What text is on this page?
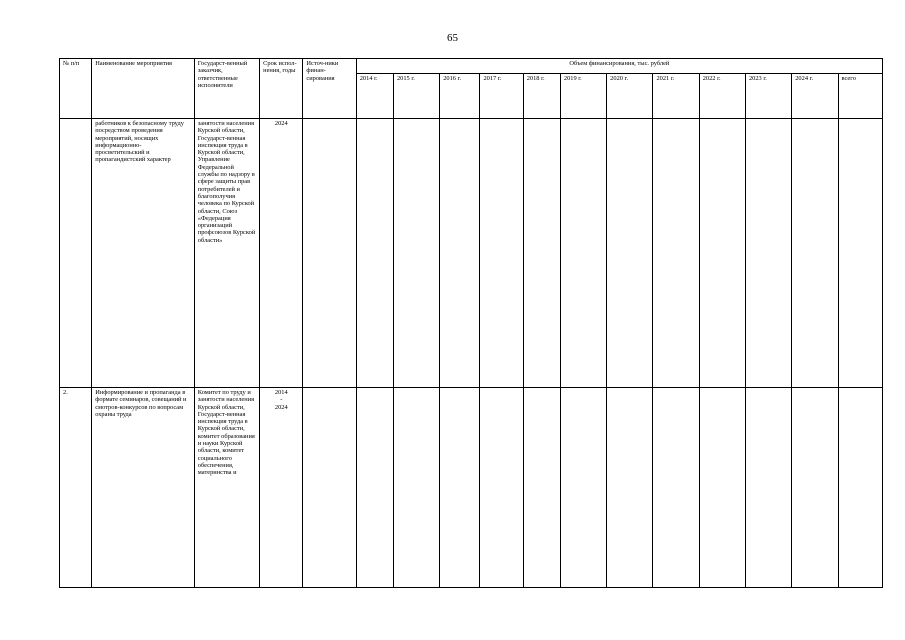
65
№ п/п	Наименование мероприятия	Государст-венный заказчик, ответственные исполнители	Срок испол-нения, годы	Источ-ники финан-сирования	Объем финансирования, тыс. рублей											
					2014 г.	2015 г.	2016 г.	2017 г.	2018 г.	2019 г.	2020 г.	2021 г.	2022 г.	2023 г.	2024 г.	всего
	работников к безопасному труду посредством проведения мероприятий, носящих информационно-просветительский и пропагандистский характер	занятости населения Курской области, Государст-венная инспекция труда в Курской области, Управление Федеральной службы по надзору в сфере защиты прав потребителей и благополучия человека по Курской области, Союз «Федерация организаций профсоюзов Курской области»	2024													

2.	Информирование и пропаганда в формате семинаров, совещаний и смотров-конкурсов по вопросам охраны труда	Комитет по труду и занятости населения Курской области, Государст-венная инспекция труда в Курской области, комитет образования и науки Курской области, комитет социального обеспечения, материнства и	2014
-
2024													
